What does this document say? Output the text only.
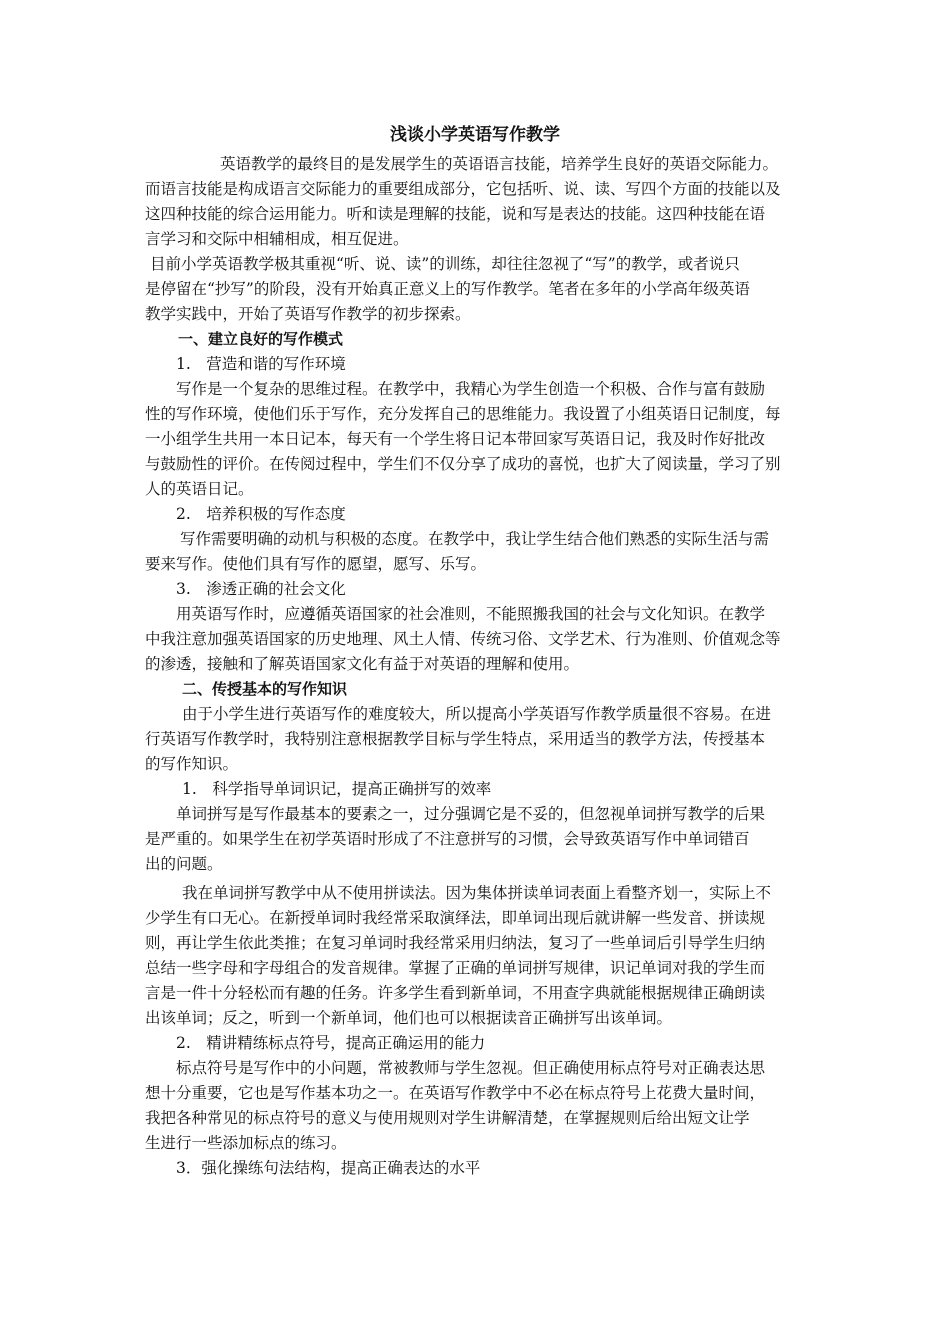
浅谈小学英语写作教学

英语教学的最终目的是发展学生的英语语言技能，培养学生良好的英语交际能力。

而语言技能是构成语言交际能力的重要组成部分，它包括听、说、读、写四个方面的技能以及

这四种技能的综合运用能力。听和读是理解的技能，说和写是表达的技能。这四种技能在语

言学习和交际中相辅相成，相互促进。

目前小学英语教学极其重视“听、说、读”的训练，却往往忽视了“写”的教学，或者说只

是停留在“抄写”的阶段，没有开始真正意义上的写作教学。笔者在多年的小学高年级英语

教学实践中，开始了英语写作教学的初步探索。

一、建立良好的写作模式

1.　营造和谐的写作环境

写作是一个复杂的思维过程。在教学中，我精心为学生创造一个积极、合作与富有鼓励

性的写作环境，使他们乐于写作，充分发挥自己的思维能力。我设置了小组英语日记制度，每

一小组学生共用一本日记本，每天有一个学生将日记本带回家写英语日记，我及时作好批改

与鼓励性的评价。在传阅过程中，学生们不仅分享了成功的喜悦，也扩大了阅读量，学习了别

人的英语日记。

2.　培养积极的写作态度

写作需要明确的动机与积极的态度。在教学中，我让学生结合他们熟悉的实际生活与需

要来写作。使他们具有写作的愿望，愿写、乐写。

3.　渗透正确的社会文化

用英语写作时，应遵循英语国家的社会准则，不能照搬我国的社会与文化知识。在教学

中我注意加强英语国家的历史地理、风土人情、传统习俗、文学艺术、行为准则、价值观念等

的渗透，接触和了解英语国家文化有益于对英语的理解和使用。

二、传授基本的写作知识

由于小学生进行英语写作的难度较大，所以提高小学英语写作教学质量很不容易。在进

行英语写作教学时，我特别注意根据教学目标与学生特点，采用适当的教学方法，传授基本

的写作知识。

1.　科学指导单词识记，提高正确拼写的效率

单词拼写是写作最基本的要素之一，过分强调它是不妥的，但忽视单词拼写教学的后果

是严重的。如果学生在初学英语时形成了不注意拼写的习惯，会导致英语写作中单词错百

出的问题。

我在单词拼写教学中从不使用拼读法。因为集体拼读单词表面上看整齐划一，实际上不

少学生有口无心。在新授单词时我经常采取演绎法，即单词出现后就讲解一些发音、拼读规

则，再让学生依此类推；在复习单词时我经常采用归纳法，复习了一些单词后引导学生归纳

总结一些字母和字母组合的发音规律。掌握了正确的单词拼写规律，识记单词对我的学生而

言是一件十分轻松而有趣的任务。许多学生看到新单词，不用查字典就能根据规律正确朗读

出该单词；反之，听到一个新单词，他们也可以根据读音正确拼写出该单词。

2.　精讲精练标点符号，提高正确运用的能力

标点符号是写作中的小问题，常被教师与学生忽视。但正确使用标点符号对正确表达思

想十分重要，它也是写作基本功之一。在英语写作教学中不必在标点符号上花费大量时间，

我把各种常见的标点符号的意义与使用规则对学生讲解清楚，在掌握规则后给出短文让学

生进行一些添加标点的练习。

3．强化操练句法结构，提高正确表达的水平
